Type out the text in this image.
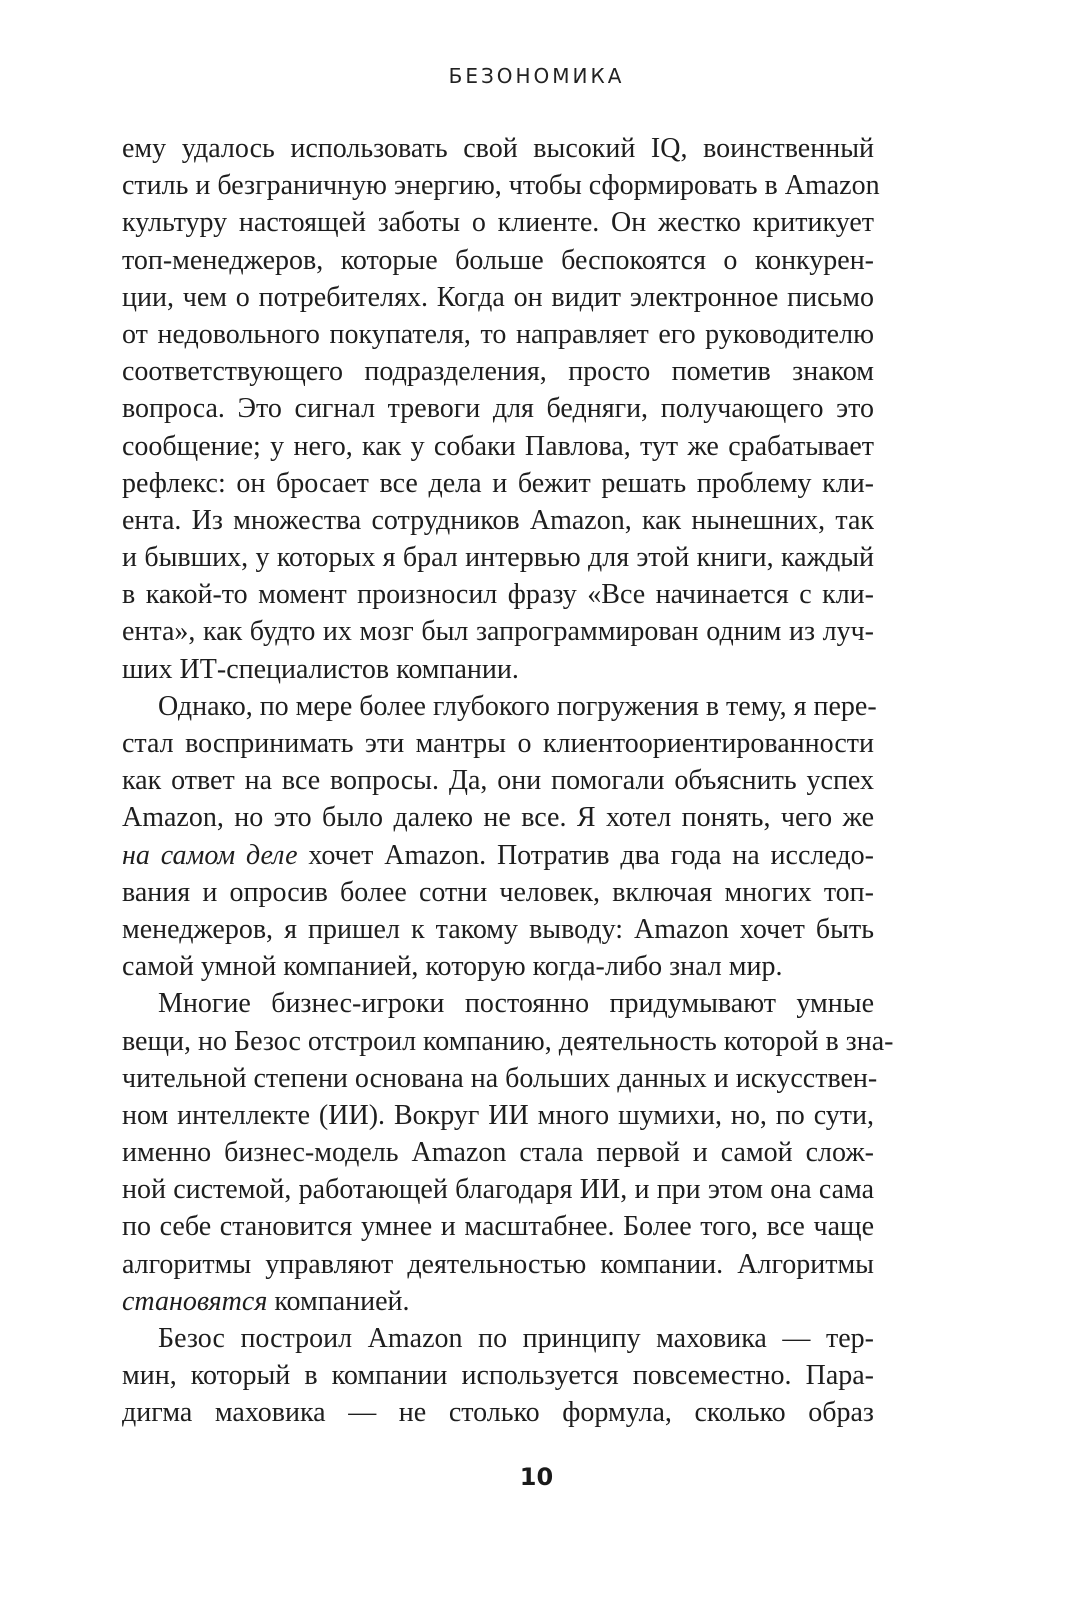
БЕЗОНОМИКА
ему удалось использовать свой высокий IQ, воинственный
стиль и безграничную энергию, чтобы сформировать в Amazon
культуру настоящей заботы о клиенте. Он жестко критикует
топ-менеджеров, которые больше беспокоятся о конкурен-
ции, чем о потребителях. Когда он видит электронное письмо
от недовольного покупателя, то направляет его руководителю
соответствующего подразделения, просто пометив знаком
вопроса. Это сигнал тревоги для бедняги, получающего это
сообщение; у него, как у собаки Павлова, тут же срабатывает
рефлекс: он бросает все дела и бежит решать проблему кли-
ента. Из множества сотрудников Amazon, как нынешних, так
и бывших, у которых я брал интервью для этой книги, каждый
в какой-то момент произносил фразу «Все начинается с кли-
ента», как будто их мозг был запрограммирован одним из луч-
ших ИТ-специалистов компании.
Однако, по мере более глубокого погружения в тему, я пере-
стал воспринимать эти мантры о клиентоориентированности
как ответ на все вопросы. Да, они помогали объяснить успех
Amazon, но это было далеко не все. Я хотел понять, чего же
на самом деле хочет Amazon. Потратив два года на исследо-
вания и опросив более сотни человек, включая многих топ-
менеджеров, я пришел к такому выводу: Amazon хочет быть
самой умной компанией, которую когда-либо знал мир.
Многие бизнес-игроки постоянно придумывают умные
вещи, но Безос отстроил компанию, деятельность которой в зна-
чительной степени основана на больших данных и искусствен-
ном интеллекте (ИИ). Вокруг ИИ много шумихи, но, по сути,
именно бизнес-модель Amazon стала первой и самой слож-
ной системой, работающей благодаря ИИ, и при этом она сама
по себе становится умнее и масштабнее. Более того, все чаще
алгоритмы управляют деятельностью компании. Алгоритмы
становятся компанией.
Безос построил Amazon по принципу маховика — тер-
мин, который в компании используется повсеместно. Пара-
дигма маховика — не столько формула, сколько образ
10
